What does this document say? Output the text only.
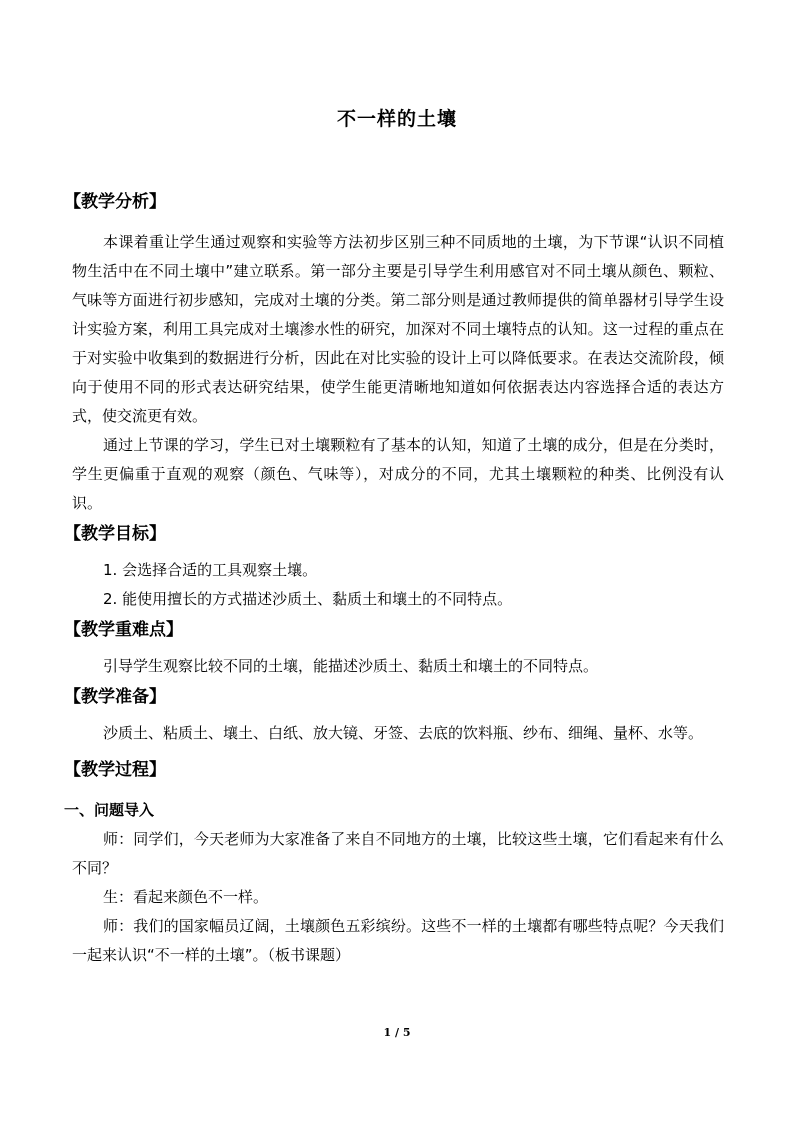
不一样的土壤
【教学分析】

本课着重让学生通过观察和实验等方法初步区别三种不同质地的土壤，为下节课“认识不同植物生活中在不同土壤中”建立联系。第一部分主要是引导学生利用感官对不同土壤从颜色、颗粒、气味等方面进行初步感知，完成对土壤的分类。第二部分则是通过教师提供的简单器材引导学生设计实验方案，利用工具完成对土壤渗水性的研究，加深对不同土壤特点的认知。这一过程的重点在于对实验中收集到的数据进行分析，因此在对比实验的设计上可以降低要求。在表达交流阶段，倾向于使用不同的形式表达研究结果，使学生能更清晰地知道如何依据表达内容选择合适的表达方式，使交流更有效。

通过上节课的学习，学生已对土壤颗粒有了基本的认知，知道了土壤的成分，但是在分类时，学生更偏重于直观的观察（颜色、气味等），对成分的不同，尤其土壤颗粒的种类、比例没有认识。

【教学目标】

1. 会选择合适的工具观察土壤。

2. 能使用擅长的方式描述沙质土、黏质土和壤土的不同特点。

【教学重难点】

引导学生观察比较不同的土壤，能描述沙质土、黏质土和壤土的不同特点。

【教学准备】

沙质土、粘质土、壤土、白纸、放大镜、牙签、去底的饮料瓶、纱布、细绳、量杯、水等。

【教学过程】
一、问题导入

师：同学们，今天老师为大家准备了来自不同地方的土壤，比较这些土壤，它们看起来有什么不同？

生：看起来颜色不一样。

师：我们的国家幅员辽阔，土壤颜色五彩缤纷。这些不一样的土壤都有哪些特点呢？今天我们一起来认识“不一样的土壤”。（板书课题）

1 / 5
